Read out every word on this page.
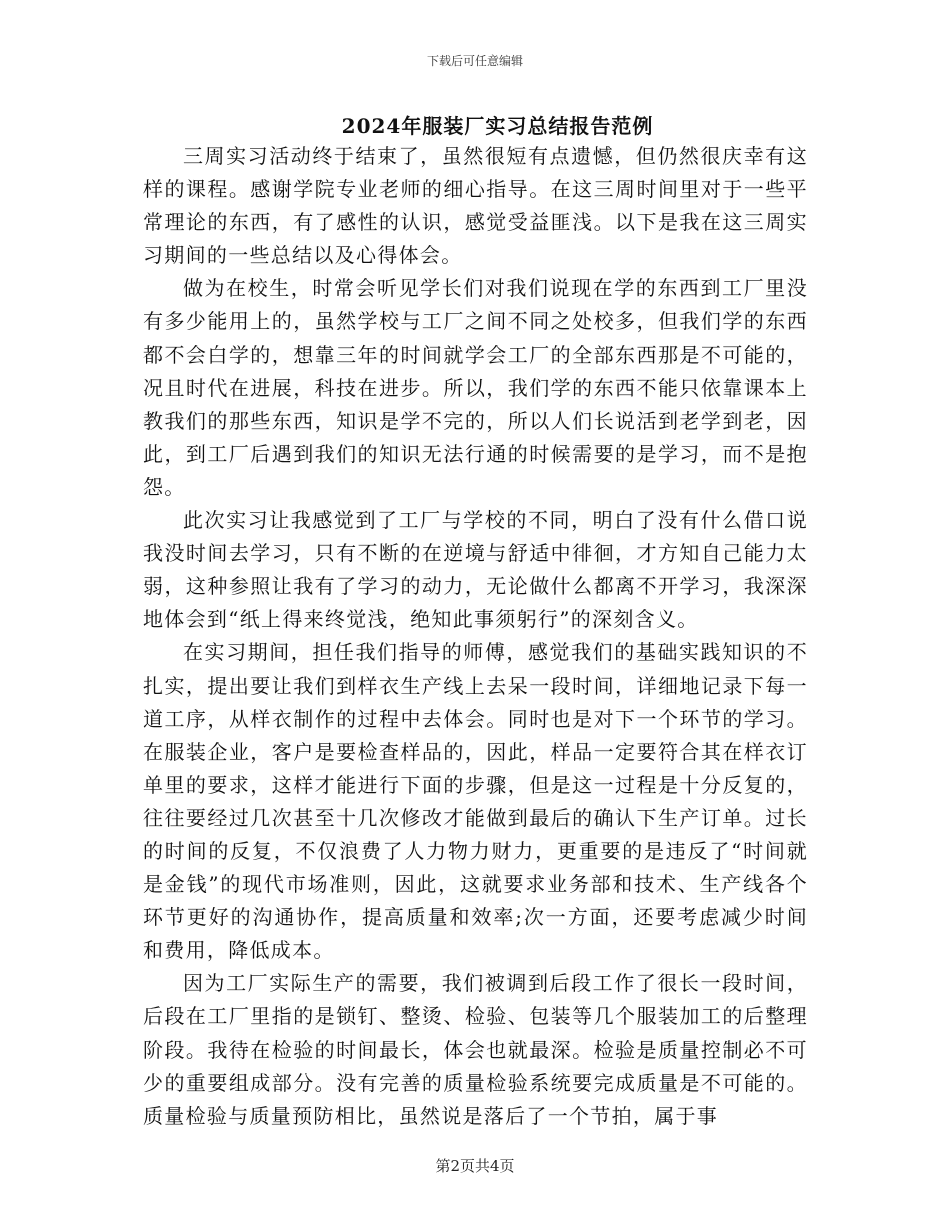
下载后可任意编辑
2024年服装厂实习总结报告范例

三周实习活动终于结束了，虽然很短有点遗憾，但仍然很庆幸有这样的课程。感谢学院专业老师的细心指导。在这三周时间里对于一些平常理论的东西，有了感性的认识，感觉受益匪浅。以下是我在这三周实习期间的一些总结以及心得体会。

做为在校生，时常会听见学长们对我们说现在学的东西到工厂里没有多少能用上的，虽然学校与工厂之间不同之处校多，但我们学的东西都不会白学的，想靠三年的时间就学会工厂的全部东西那是不可能的，况且时代在进展，科技在进步。所以，我们学的东西不能只依靠课本上教我们的那些东西，知识是学不完的，所以人们长说活到老学到老，因此，到工厂后遇到我们的知识无法行通的时候需要的是学习，而不是抱怨。

此次实习让我感觉到了工厂与学校的不同，明白了没有什么借口说我没时间去学习，只有不断的在逆境与舒适中徘徊，才方知自己能力太弱，这种参照让我有了学习的动力，无论做什么都离不开学习，我深深地体会到“纸上得来终觉浅，绝知此事须躬行”的深刻含义。

在实习期间，担任我们指导的师傅，感觉我们的基础实践知识的不扎实，提出要让我们到样衣生产线上去呆一段时间，详细地记录下每一道工序，从样衣制作的过程中去体会。同时也是对下一个环节的学习。在服装企业，客户是要检查样品的，因此，样品一定要符合其在样衣订单里的要求，这样才能进行下面的步骤，但是这一过程是十分反复的，往往要经过几次甚至十几次修改才能做到最后的确认下生产订单。过长的时间的反复，不仅浪费了人力物力财力，更重要的是违反了“时间就是金钱”的现代市场准则，因此，这就要求业务部和技术、生产线各个环节更好的沟通协作，提高质量和效率;次一方面，还要考虑减少时间和费用，降低成本。

因为工厂实际生产的需要，我们被调到后段工作了很长一段时间，后段在工厂里指的是锁钉、整烫、检验、包装等几个服装加工的后整理阶段。我待在检验的时间最长，体会也就最深。检验是质量控制必不可少的重要组成部分。没有完善的质量检验系统要完成质量是不可能的。质量检验与质量预防相比，虽然说是落后了一个节拍，属于事

第2页共4页
